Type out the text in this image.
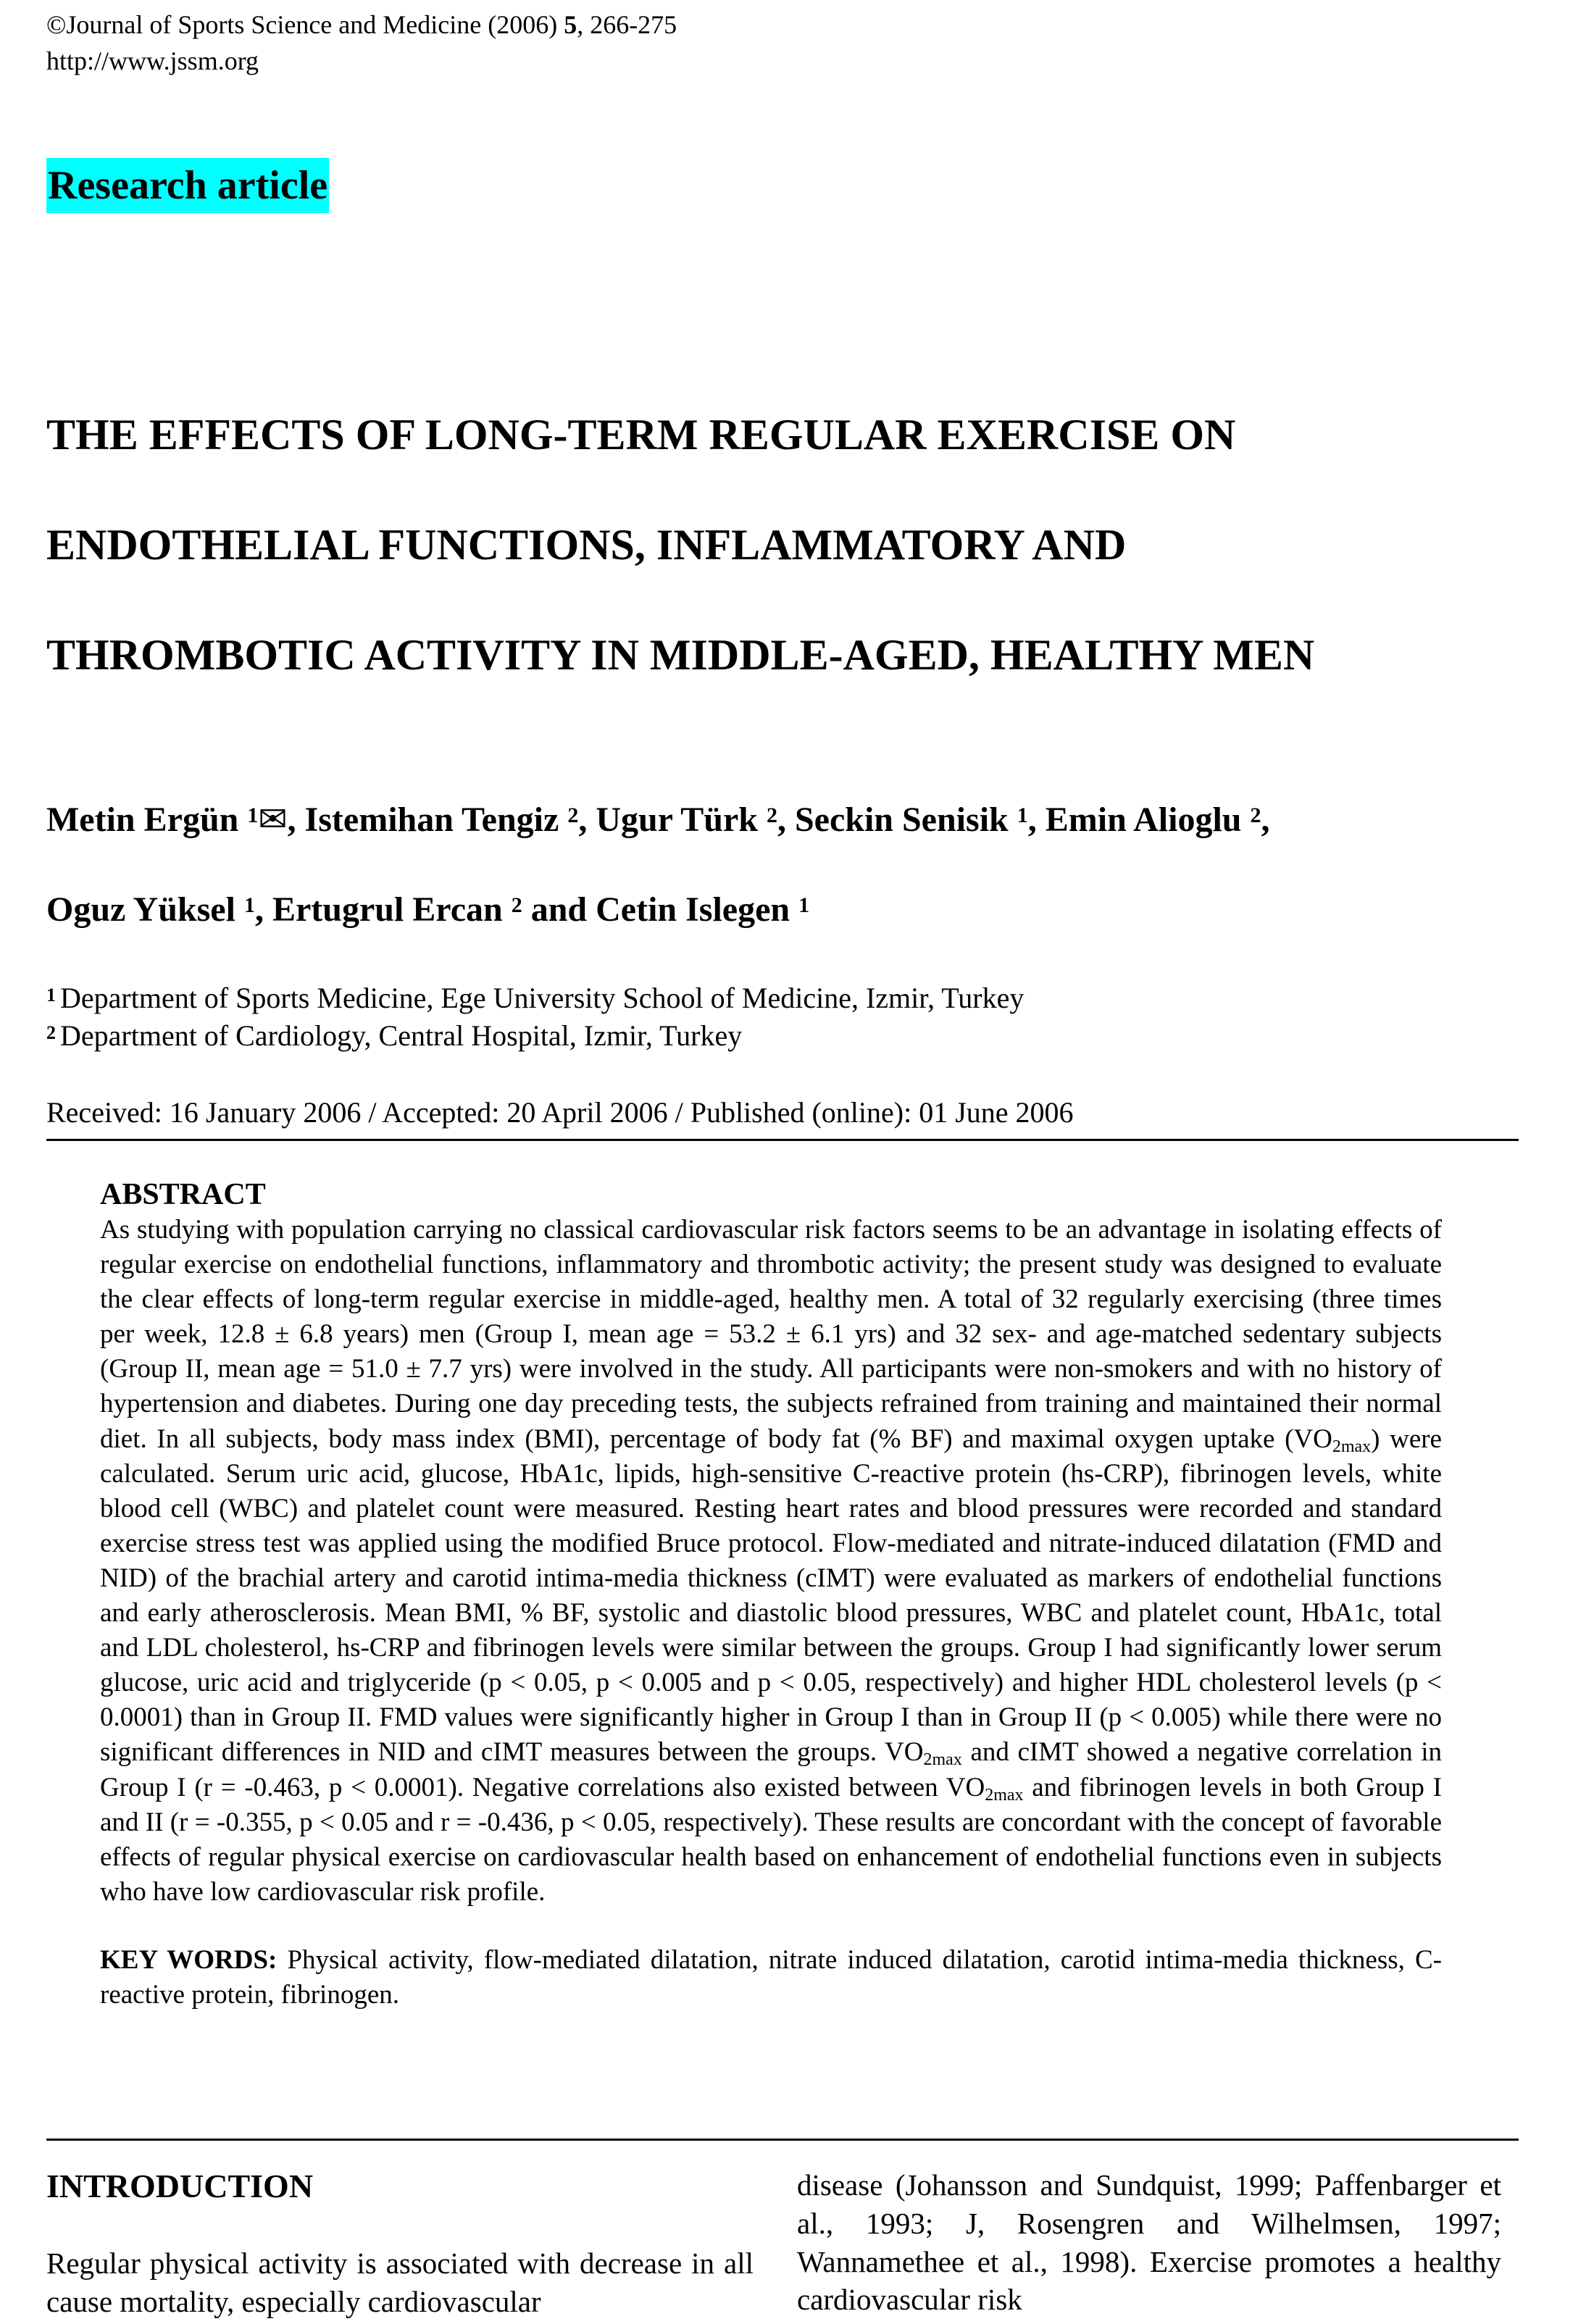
©Journal of Sports Science and Medicine (2006) 5, 266-275
http://www.jssm.org
Research article
THE EFFECTS OF LONG-TERM REGULAR EXERCISE ON
ENDOTHELIAL FUNCTIONS, INFLAMMATORY AND
THROMBOTIC ACTIVITY IN MIDDLE-AGED, HEALTHY MEN
Metin Ergün $^1$✉, Istemihan Tengiz $^2$, Ugur Türk $^2$, Seckin Senisik $^1$, Emin Alioglu $^2$,
Oguz Yüksel $^1$, Ertugrul Ercan $^2$ and Cetin Islegen $^1$
$^1$ Department of Sports Medicine, Ege University School of Medicine, Izmir, Turkey
$^2$ Department of Cardiology, Central Hospital, Izmir, Turkey
Received: 16 January 2006 / Accepted: 20 April 2006 / Published (online): 01 June 2006

ABSTRACT

As studying with population carrying no classical cardiovascular risk factors seems to be an advantage in isolating effects of regular exercise on endothelial functions, inflammatory and thrombotic activity; the present study was designed to evaluate the clear effects of long-term regular exercise in middle-aged, healthy men. A total of 32 regularly exercising (three times per week, 12.8 ± 6.8 years) men (Group I, mean age = 53.2 ± 6.1 yrs) and 32 sex- and age-matched sedentary subjects (Group II, mean age = 51.0 ± 7.7 yrs) were involved in the study. All participants were non-smokers and with no history of hypertension and diabetes. During one day preceding tests, the subjects refrained from training and maintained their normal diet. In all subjects, body mass index (BMI), percentage of body fat (% BF) and maximal oxygen uptake $(VO_{2max})$ were calculated. Serum uric acid, glucose, HbA1c, lipids, high-sensitive C-reactive protein (hs-CRP), fibrinogen levels, white blood cell (WBC) and platelet count were measured. Resting heart rates and blood pressures were recorded and standard exercise stress test was applied using the modified Bruce protocol. Flow-mediated and nitrate-induced dilatation (FMD and NID) of the brachial artery and carotid intima-media thickness (cIMT) were evaluated as markers of endothelial functions and early atherosclerosis. Mean BMI, % BF, systolic and diastolic blood pressures, WBC and platelet count, HbA1c, total and LDL cholesterol, hs-CRP and fibrinogen levels were similar between the groups. Group I had significantly lower serum glucose, uric acid and triglyceride (p < 0.05, p < 0.005 and p < 0.05, respectively) and higher HDL cholesterol levels (p < 0.0001) than in Group II. FMD values were significantly higher in Group I than in Group II (p < 0.005) while there were no significant differences in NID and cIMT measures between the groups. $VO_{2max}$ and cIMT showed a negative correlation in Group I (r = -0.463, p < 0.0001). Negative correlations also existed between $VO_{2max}$ and fibrinogen levels in both Group I and II (r = -0.355, p < 0.05 and r = -0.436, p < 0.05, respectively). These results are concordant with the concept of favorable effects of regular physical exercise on cardiovascular health based on enhancement of endothelial functions even in subjects who have low cardiovascular risk profile.

KEY WORDS: Physical activity, flow-mediated dilatation, nitrate induced dilatation, carotid intima-media thickness, C-reactive protein, fibrinogen.

INTRODUCTION
Regular physical activity is associated with decrease in all cause mortality, especially cardiovascular
disease (Johansson and Sundquist, 1999; Paffenbarger et al., 1993; J, Rosengren and Wilhelmsen, 1997; Wannamethee et al., 1998). Exercise promotes a healthy cardiovascular risk
